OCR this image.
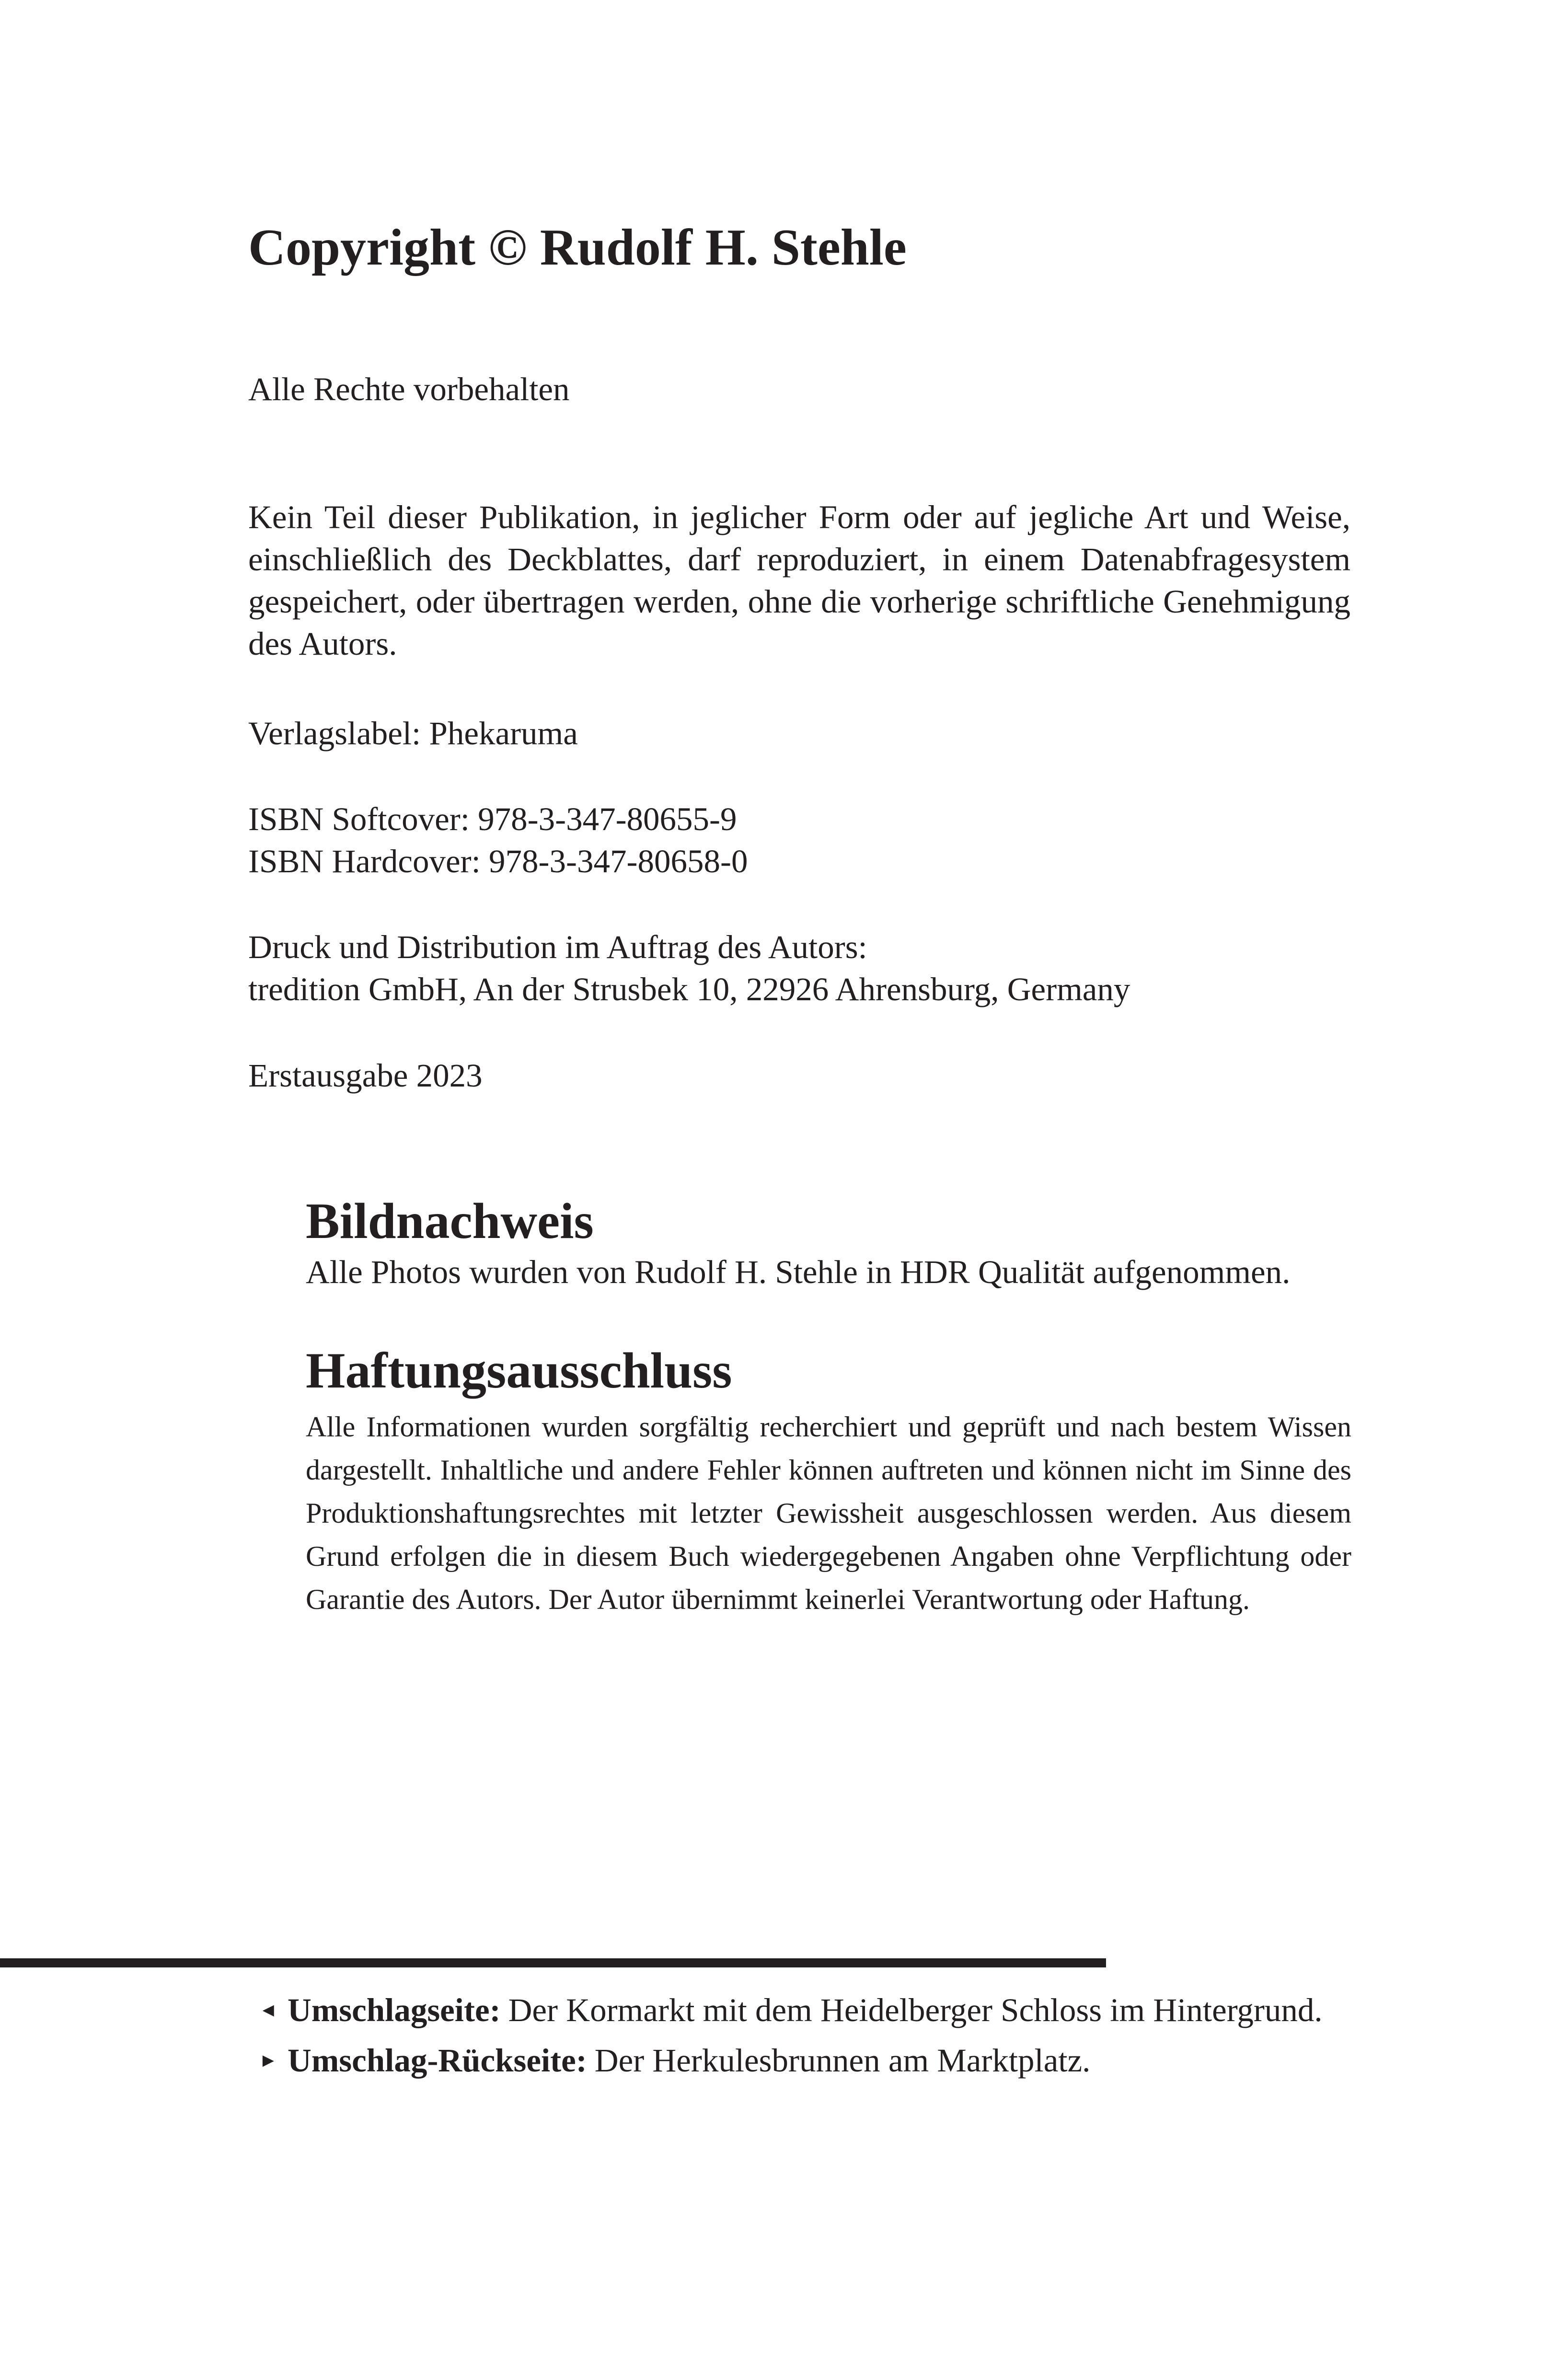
Copyright © Rudolf H. Stehle

Alle Rechte vorbehalten

Kein Teil dieser Publikation, in jeglicher Form oder auf jegliche Art und Weise, einschließlich des Deckblattes, darf reproduziert, in einem Datenabfragesystem gespeichert, oder übertragen werden, ohne die vorherige schriftliche Genehmigung des Autors.

Verlagslabel: Phekaruma

ISBN Softcover: 978-3-347-80655-9
ISBN Hardcover: 978-3-347-80658-0

Druck und Distribution im Auftrag des Autors:
tredition GmbH, An der Strusbek 10, 22926 Ahrensburg, Germany

Erstausgabe 2023

Bildnachweis

Alle Photos wurden von Rudolf H. Stehle in HDR Qualität aufgenommen.

Haftungsausschluss

Alle Informationen wurden sorgfältig recherchiert und geprüft und nach bestem Wissen dargestellt. Inhaltliche und andere Fehler können auftreten und können nicht im Sinne des Produktionshaftungsrechtes mit letzter Gewissheit ausgeschlossen werden. Aus diesem Grund erfolgen die in diesem Buch wiedergegebenen Angaben ohne Verpflichtung oder Garantie des Autors. Der Autor übernimmt keinerlei Verantwortung oder Haftung.

◄ Umschlagseite: Der Kormarkt mit dem Heidelberger Schloss im Hintergrund.

► Umschlag-Rückseite: Der Herkulesbrunnen am Marktplatz.
